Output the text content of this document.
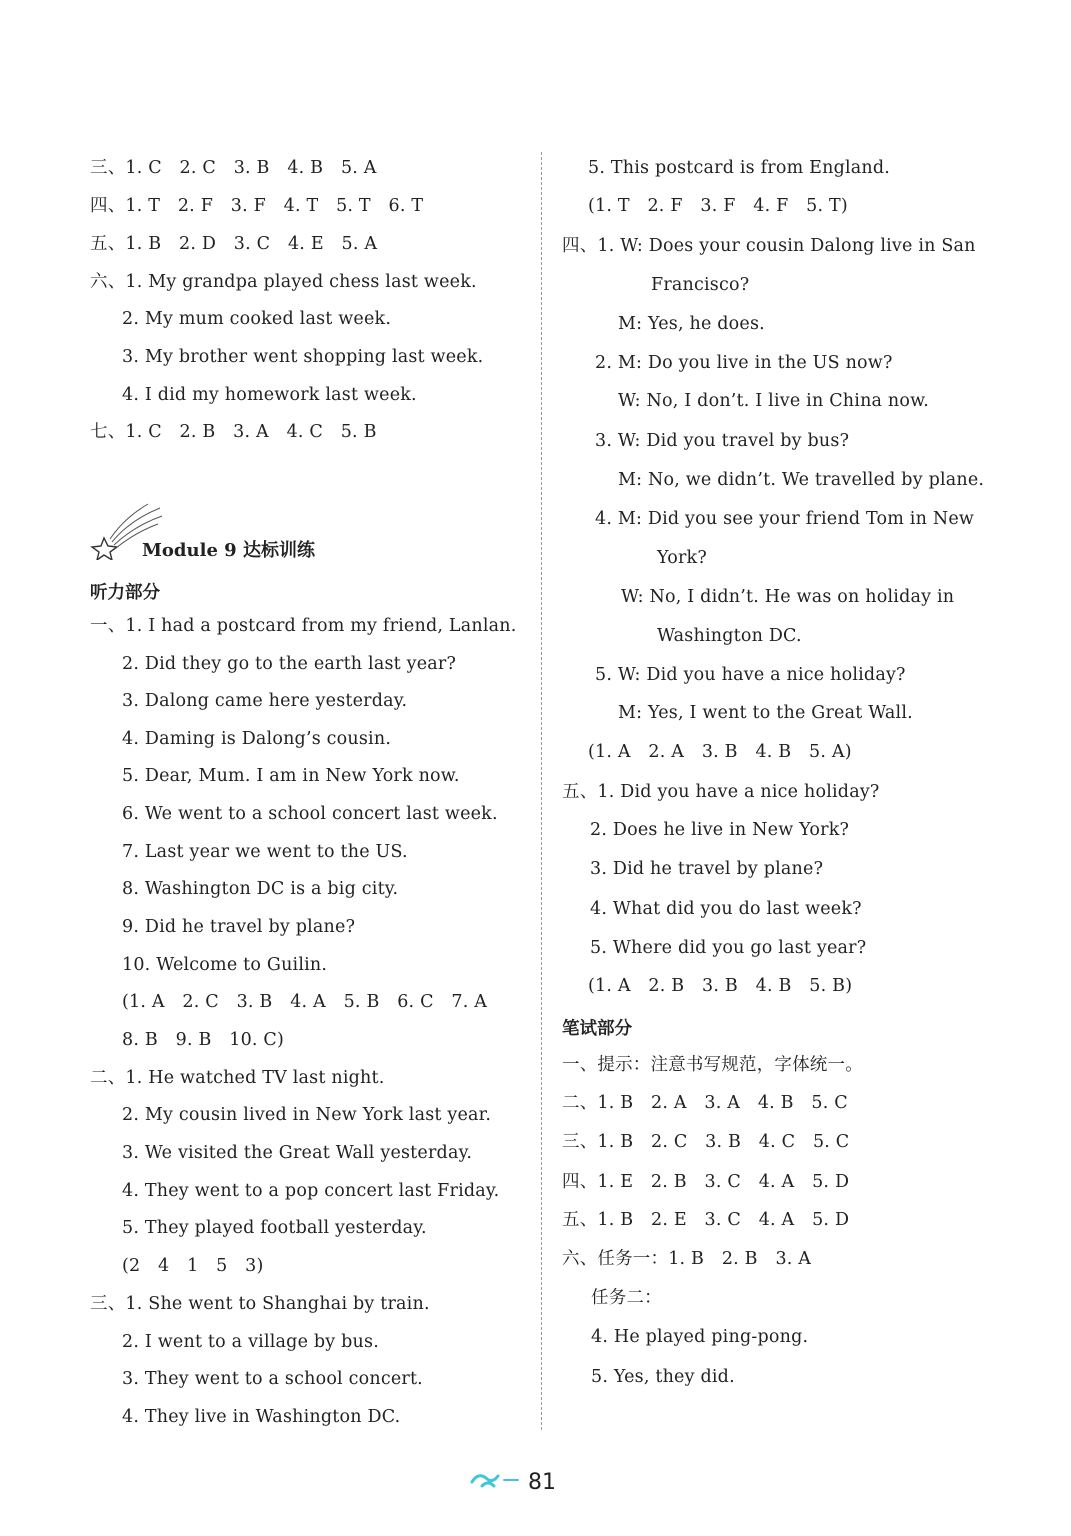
三、1. C　2. C　3. B　4. B　5. A
四、1. T　2. F　3. F　4. T　5. T　6. T
五、1. B　2. D　3. C　4. E　5. A
六、1. My grandpa played chess last week.
2. My mum cooked last week.
3. My brother went shopping last week.
4. I did my homework last week.
七、1. C　2. B　3. A　4. C　5. B
Module 9 达标训练
听力部分
一、1. I had a postcard from my friend, Lanlan.
2. Did they go to the earth last year?
3. Dalong came here yesterday.
4. Daming is Dalong’s cousin.
5. Dear, Mum. I am in New York now.
6. We went to a school concert last week.
7. Last year we went to the US.
8. Washington DC is a big city.
9. Did he travel by plane?
10. Welcome to Guilin.
(1. A　2. C　3. B　4. A　5. B　6. C　7. A
8. B　9. B　10. C)
二、1. He watched TV last night.
2. My cousin lived in New York last year.
3. We visited the Great Wall yesterday.
4. They went to a pop concert last Friday.
5. They played football yesterday.
(2　4　1　5　3)
三、1. She went to Shanghai by train.
2. I went to a village by bus.
3. They went to a school concert.
4. They live in Washington DC.
5. This postcard is from England.
(1. T　2. F　3. F　4. F　5. T)
四、1. W: Does your cousin Dalong live in San
Francisco?
M: Yes, he does.
2. M: Do you live in the US now?
W: No, I don’t. I live in China now.
3. W: Did you travel by bus?
M: No, we didn’t. We travelled by plane.
4. M: Did you see your friend Tom in New
York?
W: No, I didn’t. He was on holiday in
Washington DC.
5. W: Did you have a nice holiday?
M: Yes, I went to the Great Wall.
(1. A　2. A　3. B　4. B　5. A)
五、1. Did you have a nice holiday?
2. Does he live in New York?
3. Did he travel by plane?
4. What did you do last week?
5. Where did you go last year?
(1. A　2. B　3. B　4. B　5. B)
笔试部分
一、提示：注意书写规范，字体统一。
二、1. B　2. A　3. A　4. B　5. C
三、1. B　2. C　3. B　4. C　5. C
四、1. E　2. B　3. C　4. A　5. D
五、1. B　2. E　3. C　4. A　5. D
六、任务一：1. B　2. B　3. A
任务二：
4. He played ping-pong.
5. Yes, they did.
81
